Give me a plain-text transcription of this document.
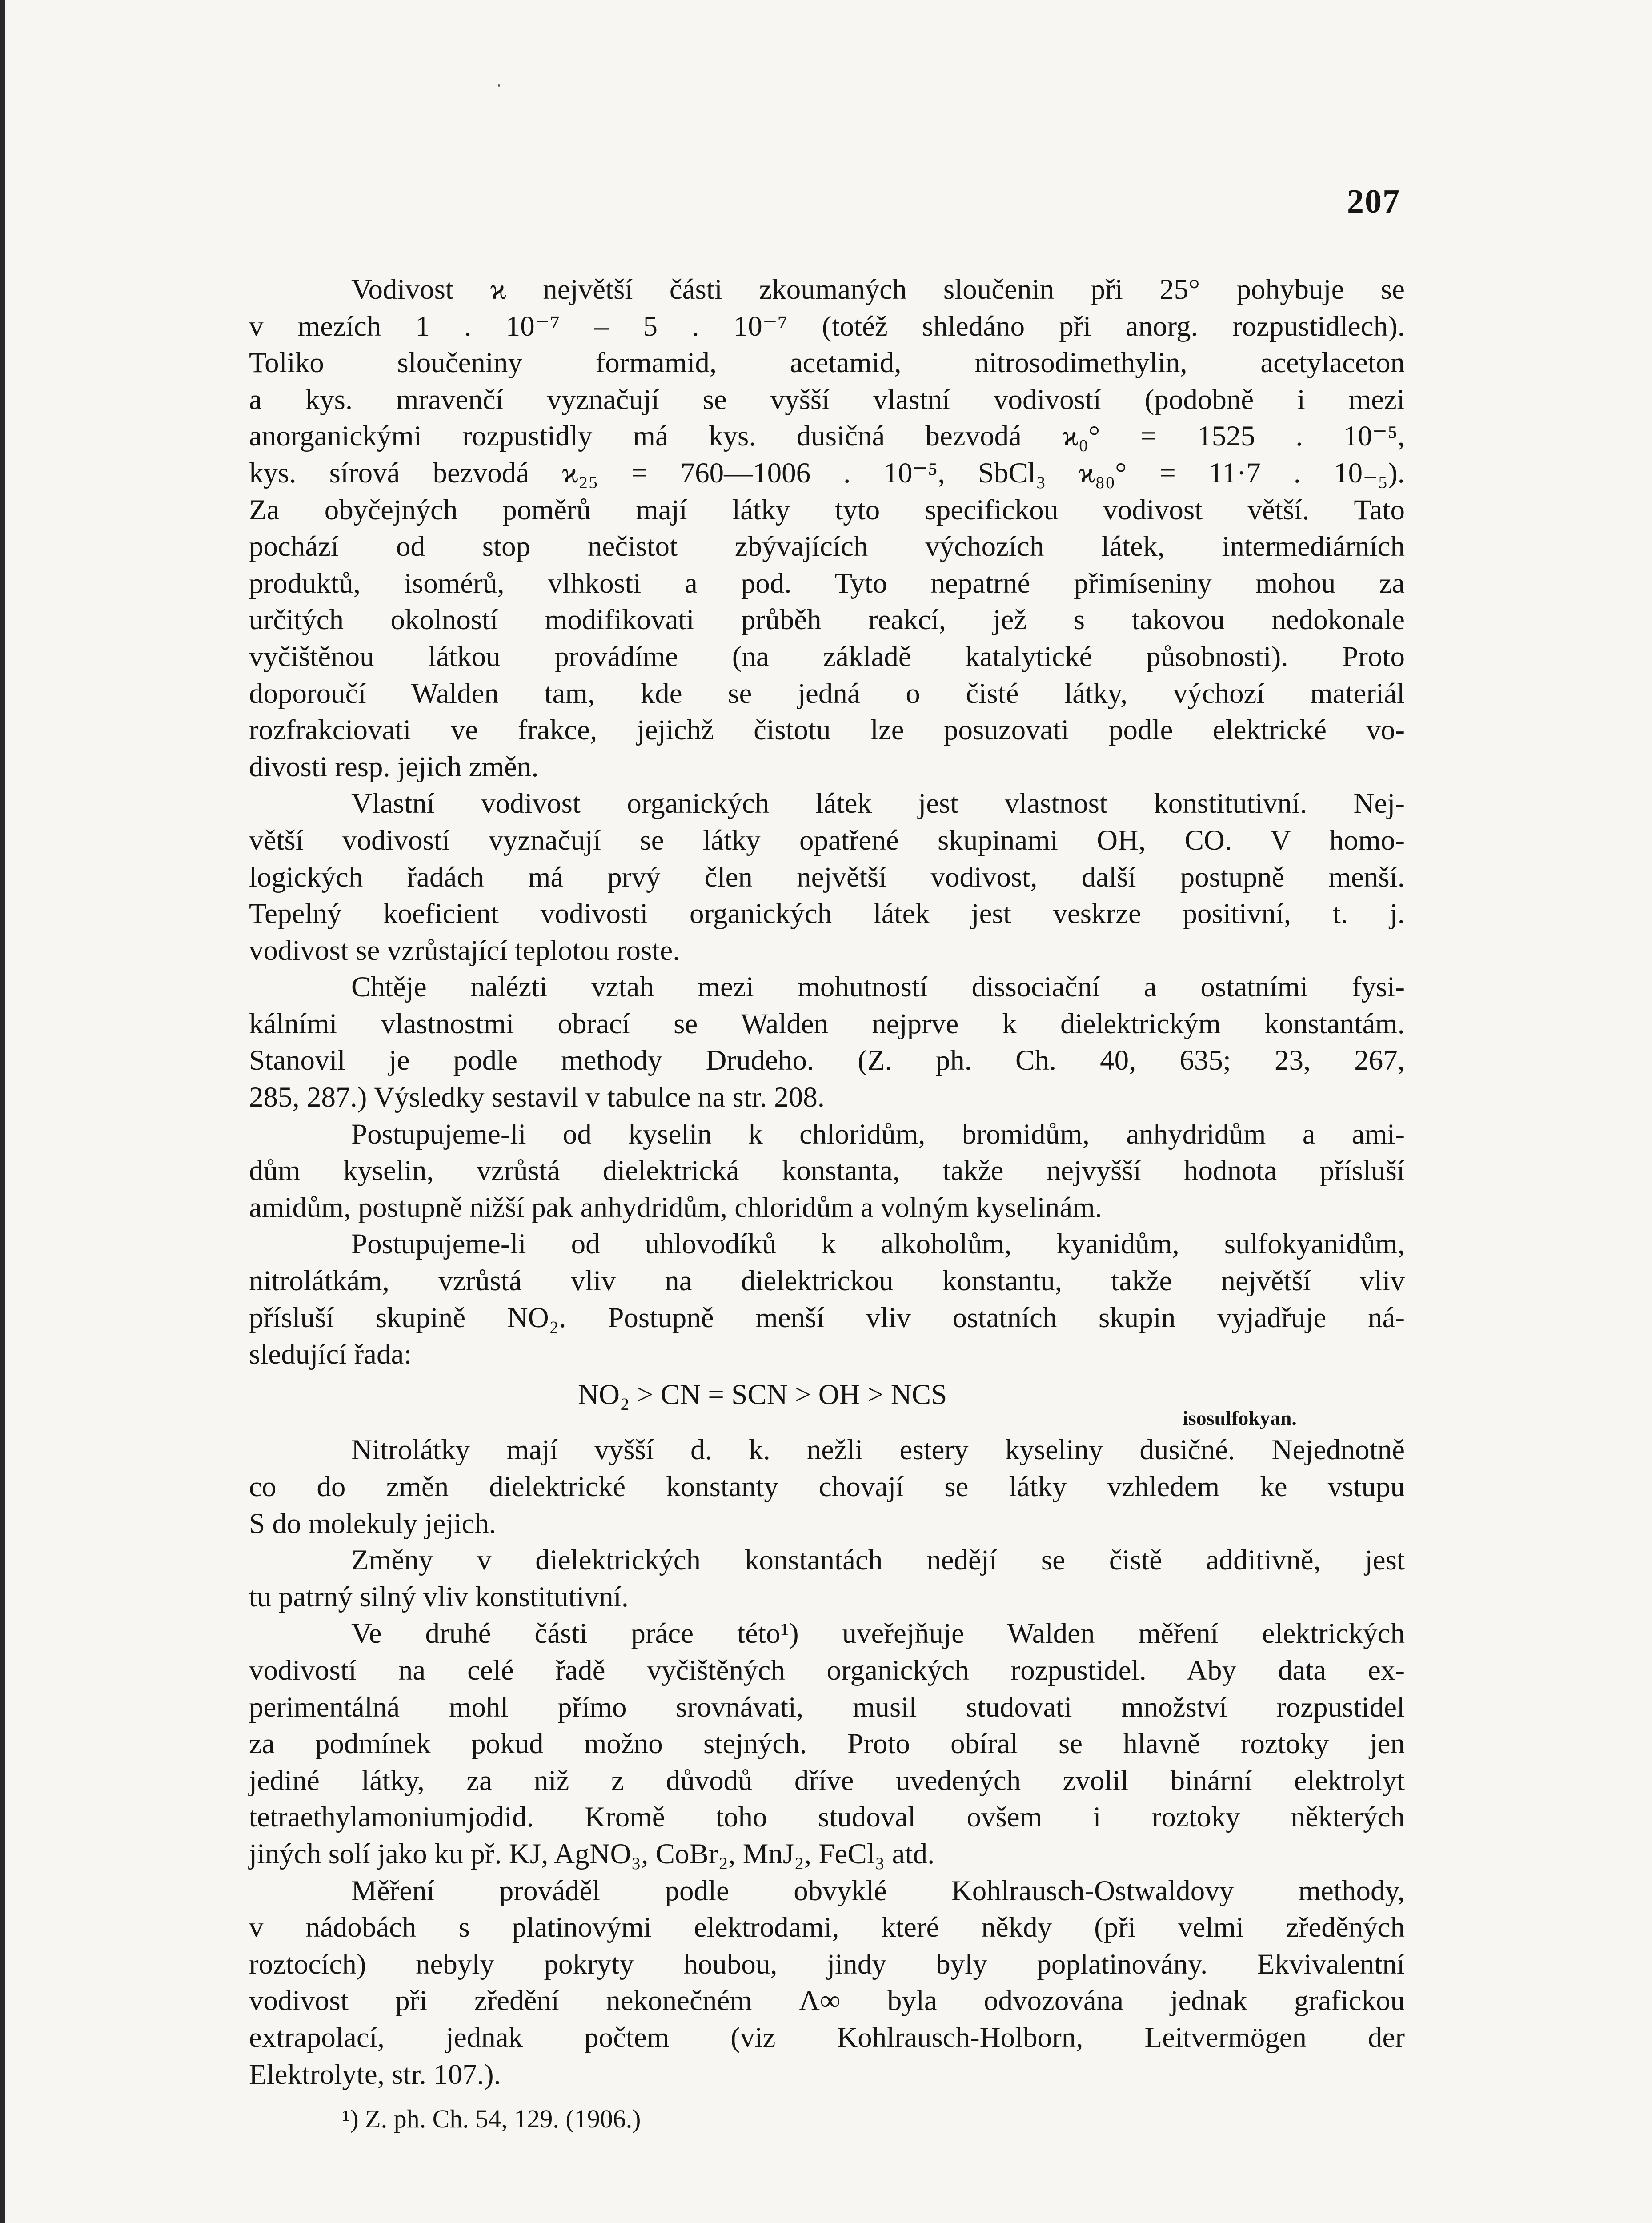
207
Vodivost ϰ největší části zkoumaných sloučenin při 25° pohybuje se
v mezích 1 . 10⁻⁷ – 5 . 10⁻⁷ (totéž shledáno při anorg. rozpustidlech).
Toliko sloučeniny formamid, acetamid, nitrosodimethylin, acetylaceton
a kys. mravenčí vyznačují se vyšší vlastní vodivostí (podobně i mezi
anorganickými rozpustidly má kys. dusičná bezvodá ϰ₀° = 1525 . 10⁻⁵,
kys. sírová bezvodá ϰ₂₅ = 760—1006 . 10⁻⁵, SbCl₃ ϰ₈₀° = 11·7 . 10₋₅).
Za obyčejných poměrů mají látky tyto specifickou vodivost větší. Tato
pochází od stop nečistot zbývajících výchozích látek, intermediárních
produktů, isomérů, vlhkosti a pod. Tyto nepatrné přimíseniny mohou za
určitých okolností modifikovati průběh reakcí, jež s takovou nedokonale
vyčištěnou látkou provádíme (na základě katalytické působnosti). Proto
doporoučí Walden tam, kde se jedná o čisté látky, výchozí materiál
rozfrakciovati ve frakce, jejichž čistotu lze posuzovati podle elektrické vo-
divosti resp. jejich změn.
Vlastní vodivost organických látek jest vlastnost konstitutivní. Nej-
větší vodivostí vyznačují se látky opatřené skupinami OH, CO. V homo-
logických řadách má prvý člen největší vodivost, další postupně menší.
Tepelný koeficient vodivosti organických látek jest veskrze positivní, t. j.
vodivost se vzrůstající teplotou roste.
Chtěje nalézti vztah mezi mohutností dissociační a ostatními fysi-
kálními vlastnostmi obrací se Walden nejprve k dielektrickým konstantám.
Stanovil je podle methody Drudeho. (Z. ph. Ch. 40, 635; 23, 267,
285, 287.) Výsledky sestavil v tabulce na str. 208.
Postupujeme-li od kyselin k chloridům, bromidům, anhydridům a ami-
dům kyselin, vzrůstá dielektrická konstanta, takže nejvyšší hodnota přísluší
amidům, postupně nižší pak anhydridům, chloridům a volným kyselinám.
Postupujeme-li od uhlovodíků k alkoholům, kyanidům, sulfokyanidům,
nitrolátkám, vzrůstá vliv na dielektrickou konstantu, takže největší vliv
přísluší skupině NO₂. Postupně menší vliv ostatních skupin vyjadřuje ná-
sledující řada:
NO₂ > CN = SCN > OH > NCS
isosulfokyan.
Nitrolátky mají vyšší d. k. nežli estery kyseliny dusičné. Nejednotně
co do změn dielektrické konstanty chovají se látky vzhledem ke vstupu
S do molekuly jejich.
Změny v dielektrických konstantách nedějí se čistě additivně, jest
tu patrný silný vliv konstitutivní.
Ve druhé části práce této¹) uveřejňuje Walden měření elektrických
vodivostí na celé řadě vyčištěných organických rozpustidel. Aby data ex-
perimentálná mohl přímo srovnávati, musil studovati množství rozpustidel
za podmínek pokud možno stejných. Proto obíral se hlavně roztoky jen
jediné látky, za niž z důvodů dříve uvedených zvolil binární elektrolyt
tetraethylamoniumjodid. Kromě toho studoval ovšem i roztoky některých
jiných solí jako ku př. KJ, AgNO₃, CoBr₂, MnJ₂, FeCl₃ atd.
Měření prováděl podle obvyklé Kohlrausch-Ostwaldovy methody,
v nádobách s platinovými elektrodami, které někdy (při velmi zředěných
roztocích) nebyly pokryty houbou, jindy byly poplatinovány. Ekvivalentní
vodivost při zředění nekonečném Λ∞ byla odvozována jednak grafickou
extrapolací, jednak počtem (viz Kohlrausch-Holborn, Leitvermögen der
Elektrolyte, str. 107.).
¹) Z. ph. Ch. 54, 129. (1906.)
